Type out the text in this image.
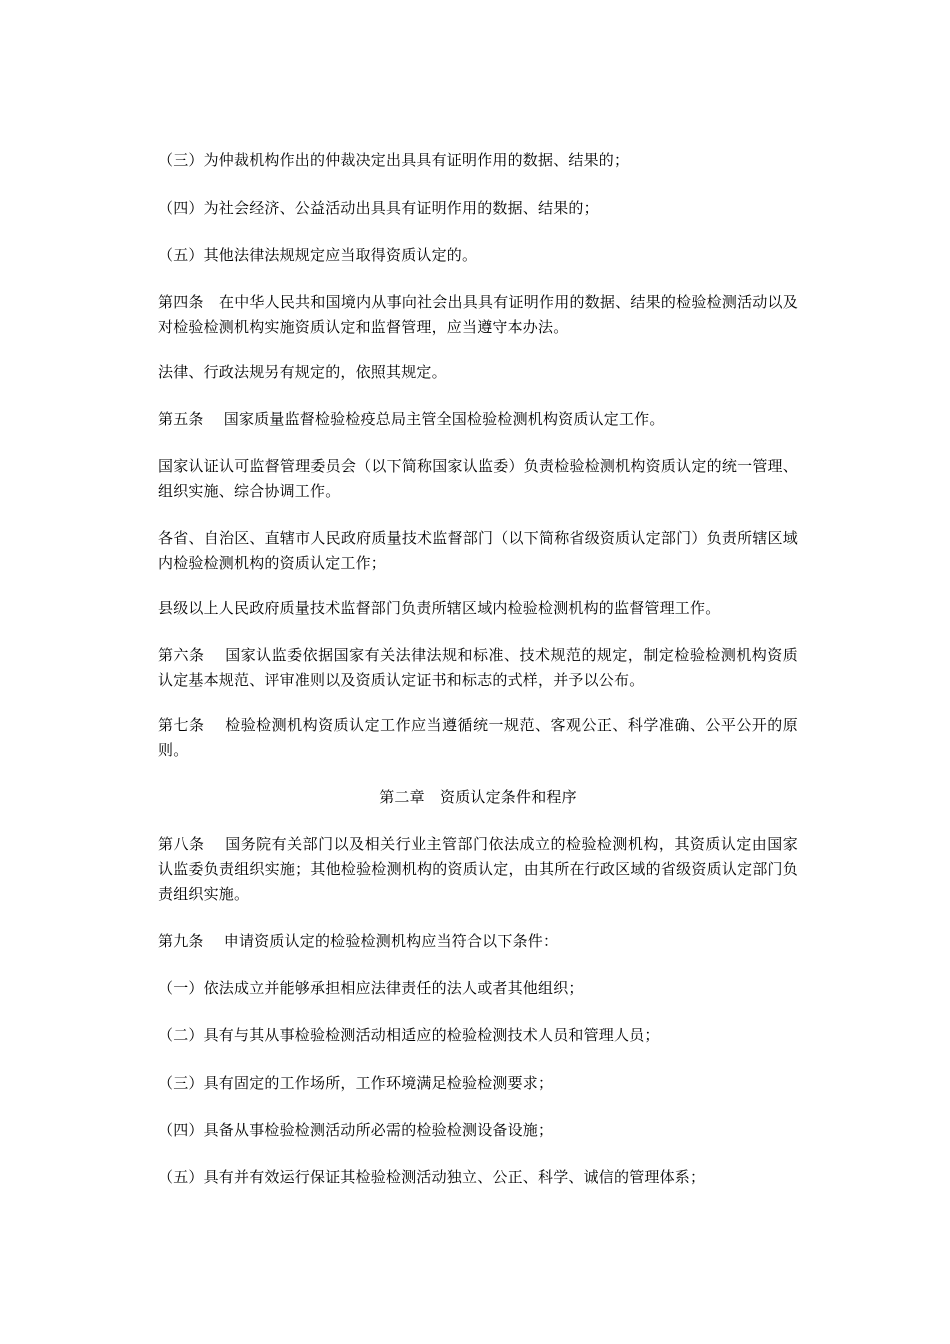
（三）为仲裁机构作出的仲裁决定出具具有证明作用的数据、结果的；

（四）为社会经济、公益活动出具具有证明作用的数据、结果的；

（五）其他法律法规规定应当取得资质认定的。

第四条　在中华人民共和国境内从事向社会出具具有证明作用的数据、结果的检验检测活动以及对检验检测机构实施资质认定和监督管理，应当遵守本办法。

法律、行政法规另有规定的，依照其规定。

第五条　 国家质量监督检验检疫总局主管全国检验检测机构资质认定工作。

国家认证认可监督管理委员会（以下简称国家认监委）负责检验检测机构资质认定的统一管理、组织实施、综合协调工作。

各省、自治区、直辖市人民政府质量技术监督部门（以下简称省级资质认定部门）负责所辖区域内检验检测机构的资质认定工作；

县级以上人民政府质量技术监督部门负责所辖区域内检验检测机构的监督管理工作。

第六条　 国家认监委依据国家有关法律法规和标准、技术规范的规定，制定检验检测机构资质认定基本规范、评审准则以及资质认定证书和标志的式样，并予以公布。

第七条　 检验检测机构资质认定工作应当遵循统一规范、客观公正、科学准确、公平公开的原则。

第二章　资质认定条件和程序

第八条　 国务院有关部门以及相关行业主管部门依法成立的检验检测机构，其资质认定由国家认监委负责组织实施；其他检验检测机构的资质认定，由其所在行政区域的省级资质认定部门负责组织实施。

第九条　 申请资质认定的检验检测机构应当符合以下条件：

（一）依法成立并能够承担相应法律责任的法人或者其他组织；

（二）具有与其从事检验检测活动相适应的检验检测技术人员和管理人员；

（三）具有固定的工作场所，工作环境满足检验检测要求；

（四）具备从事检验检测活动所必需的检验检测设备设施；

（五）具有并有效运行保证其检验检测活动独立、公正、科学、诚信的管理体系；
